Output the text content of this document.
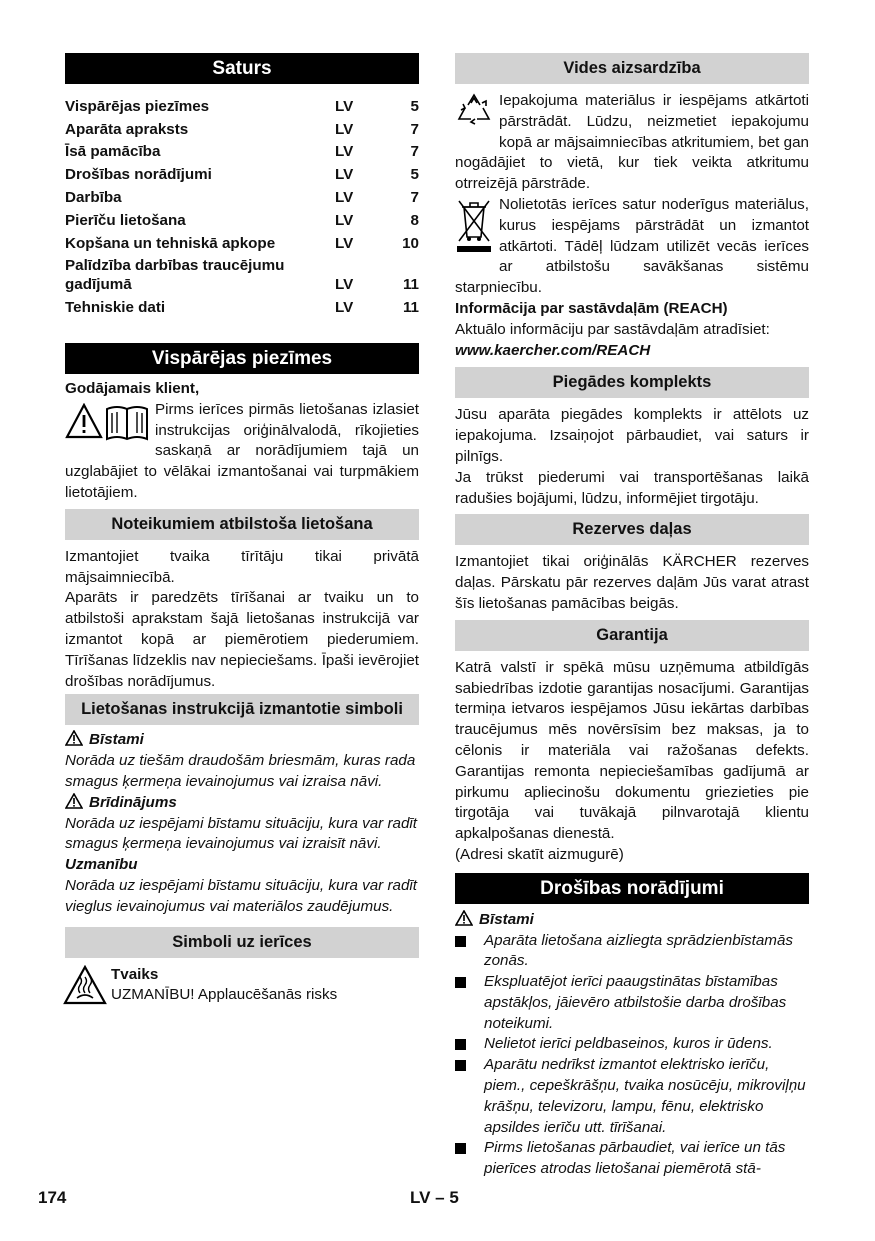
Saturs
Vispārējas piezīmes	LV	5
Aparāta apraksts	LV	7
Īsā pamācība	LV	7
Drošības norādījumi	LV	5
Darbība	LV	7
Pierīču lietošana	LV	8
Kopšana un tehniskā apkope	LV	10
Palīdzība darbības traucējumu gadījumā	LV	11
Tehniskie dati	LV	11
Vispārējas piezīmes

Godājamais klient,

Pirms ierīces pirmās lietošanas izlasiet instrukcijas oriģinālvalodā, rīkojieties saskaņā ar norādījumiem tajā un uzglabājiet to vēlākai izmantošanai vai turpmākiem lietotājiem.

Noteikumiem atbilstoša lietošana

Izmantojiet tvaika tīrītāju tikai privātā mājsaimniecībā.

Aparāts ir paredzēts tīrīšanai ar tvaiku un to atbilstoši aprakstam šajā lietošanas instrukcijā var izmantot kopā ar piemērotiem piederumiem. Tīrīšanas līdzeklis nav nepieciešams. Īpaši ievērojiet drošības norādījumus.

Lietošanas instrukcijā izmantotie simboli

Bīstami

Norāda uz tiešām draudošām briesmām, kuras rada smagus ķermeņa ievainojumus vai izraisa nāvi.

Brīdinājums

Norāda uz iespējami bīstamu situāciju, kura var radīt smagus ķermeņa ievainojumus vai izraisīt nāvi.

Uzmanību

Norāda uz iespējami bīstamu situāciju, kura var radīt vieglus ievainojumus vai materiālos zaudējumus.

Simboli uz ierīces

Tvaiks

UZMANĪBU! Applaucēšanās risks

Vides aizsardzība

Iepakojuma materiālus ir iespējams atkārtoti pārstrādāt. Lūdzu, neizmetiet iepakojumu kopā ar mājsaimniecības atkritumiem, bet gan nogādājiet to vietā, kur tiek veikta atkritumu otrreizējā pārstrāde.

Nolietotās ierīces satur noderīgus materiālus, kurus iespējams pārstrādāt un izmantot atkārtoti. Tādēļ lūdzam utilizēt vecās ierīces ar atbilstošu savākšanas sistēmu starpniecību.

Informācija par sastāvdaļām (REACH)

Aktuālo informāciju par sastāvdaļām atradīsiet:

www.kaercher.com/REACH

Piegādes komplekts

Jūsu aparāta piegādes komplekts ir attēlots uz iepakojuma. Izsaiņojot pārbaudiet, vai saturs ir pilnīgs.

Ja trūkst piederumi vai transportēšanas laikā radušies bojājumi, lūdzu, informējiet tirgotāju.

Rezerves daļas

Izmantojiet tikai oriģinālās KÄRCHER rezerves daļas. Pārskatu pār rezerves daļām Jūs varat atrast šīs lietošanas pamācības beigās.

Garantija

Katrā valstī ir spēkā mūsu uzņēmuma atbildīgās sabiedrības izdotie garantijas nosacījumi. Garantijas termiņa ietvaros iespējamos Jūsu iekārtas darbības traucējumus mēs novērsīsim bez maksas, ja to cēlonis ir materiāla vai ražošanas defekts. Garantijas remonta nepieciešamības gadījumā ar pirkumu apliecinošu dokumentu griezieties pie tirgotāja vai tuvākajā pilnvarotajā klientu apkalpošanas dienestā.

(Adresi skatīt aizmugurē)

Drošības norādījumi

Bīstami

Aparāta lietošana aizliegta sprādzienbīstamās zonās.
Ekspluatējot ierīci paaugstinātas bīstamības apstākļos, jāievēro atbilstošie darba drošības noteikumi.
Nelietot ierīci peldbaseinos, kuros ir ūdens.
Aparātu nedrīkst izmantot elektrisko ierīču, piem., cepeškrāšņu, tvaika nosūcēju, mikroviļņu krāšņu, televizoru, lampu, fēnu, elektrisko apsildes ierīču utt. tīrīšanai.
Pirms lietošanas pārbaudiet, vai ierīce un tās pierīces atrodas lietošanai piemērotā stā-
174	LV – 5
